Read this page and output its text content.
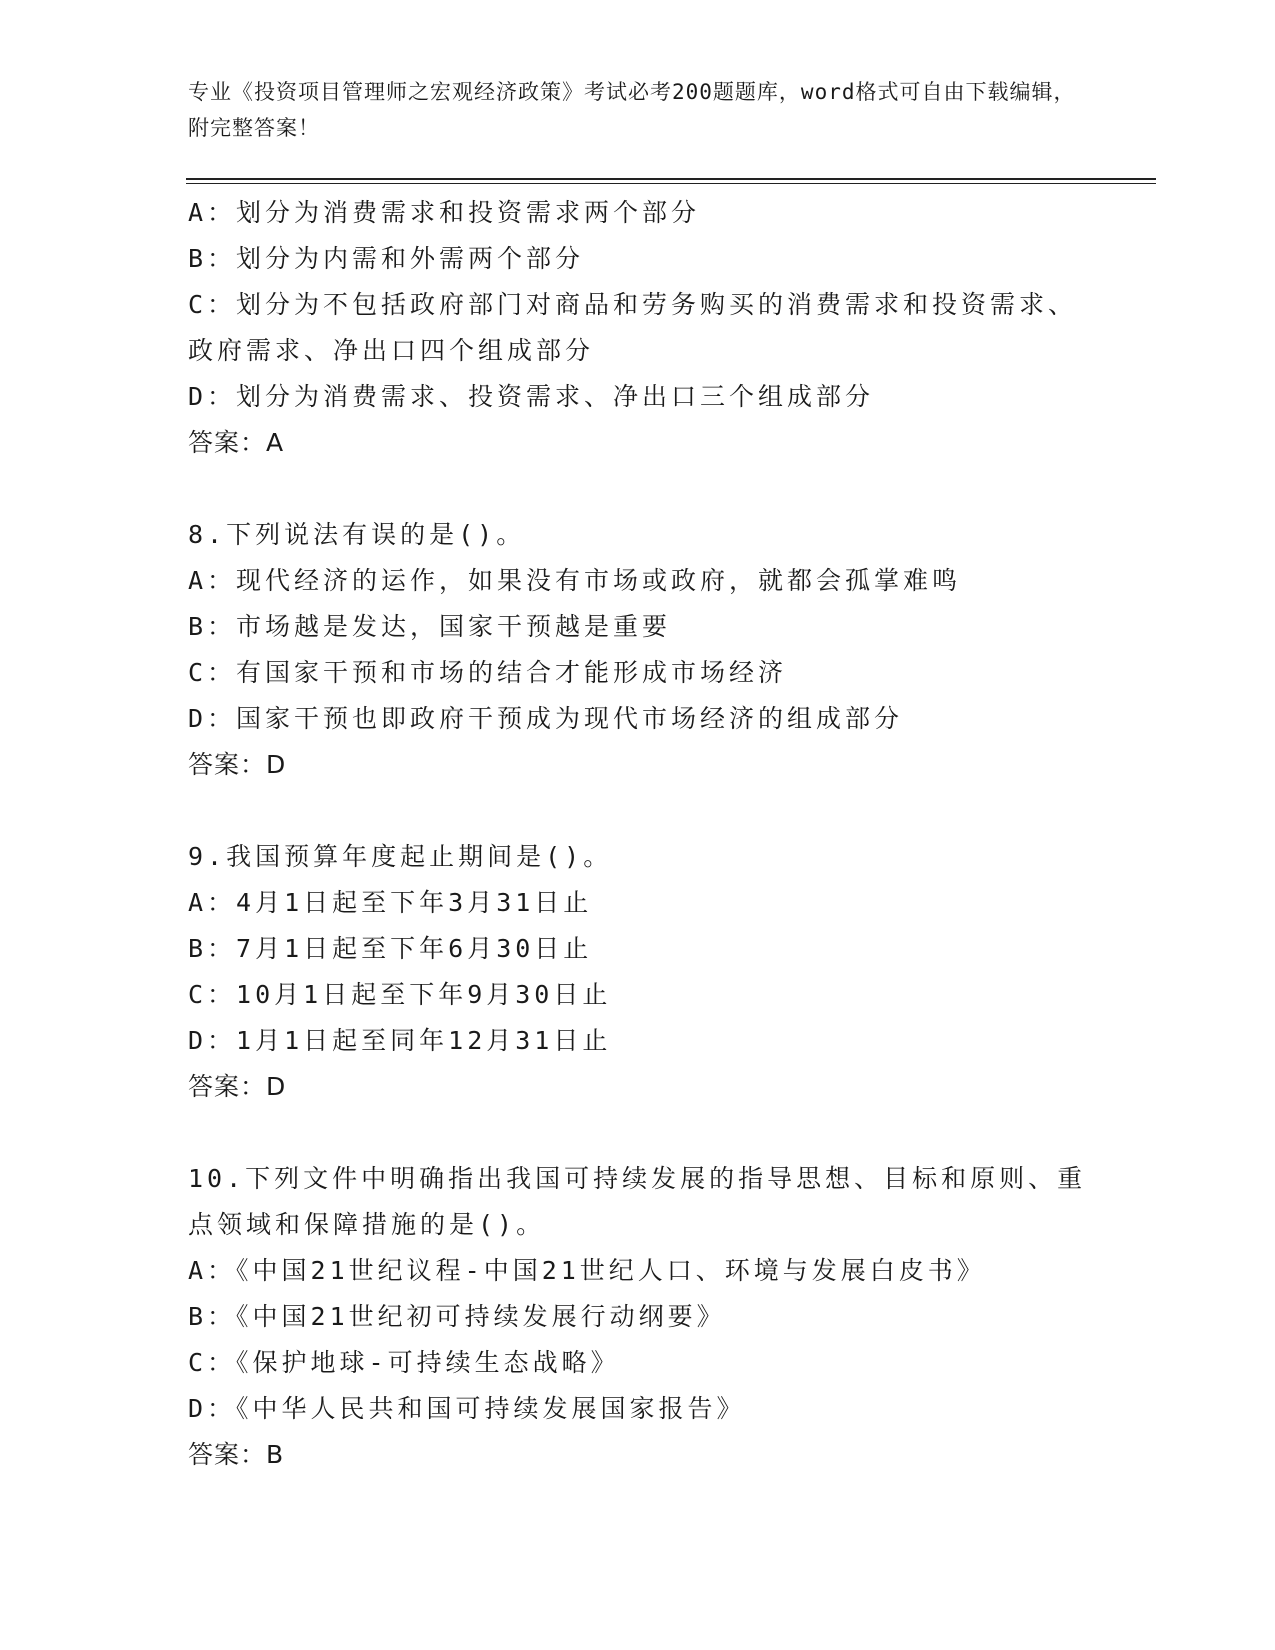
专业《投资项目管理师之宏观经济政策》考试必考200题题库，word格式可自由下载编辑，附完整答案！
A：划分为消费需求和投资需求两个部分
B：划分为内需和外需两个部分
C：划分为不包括政府部门对商品和劳务购买的消费需求和投资需求、政府需求、净出口四个组成部分
D：划分为消费需求、投资需求、净出口三个组成部分
答案：A
8.下列说法有误的是()。
A：现代经济的运作，如果没有市场或政府，就都会孤掌难鸣
B：市场越是发达，国家干预越是重要
C：有国家干预和市场的结合才能形成市场经济
D：国家干预也即政府干预成为现代市场经济的组成部分
答案：D
9.我国预算年度起止期间是()。
A：4月1日起至下年3月31日止
B：7月1日起至下年6月30日止
C：10月1日起至下年9月30日止
D：1月1日起至同年12月31日止
答案：D
10.下列文件中明确指出我国可持续发展的指导思想、目标和原则、重点领域和保障措施的是()。
A：《中国21世纪议程-中国21世纪人口、环境与发展白皮书》
B：《中国21世纪初可持续发展行动纲要》
C：《保护地球-可持续生态战略》
D：《中华人民共和国可持续发展国家报告》
答案：B
